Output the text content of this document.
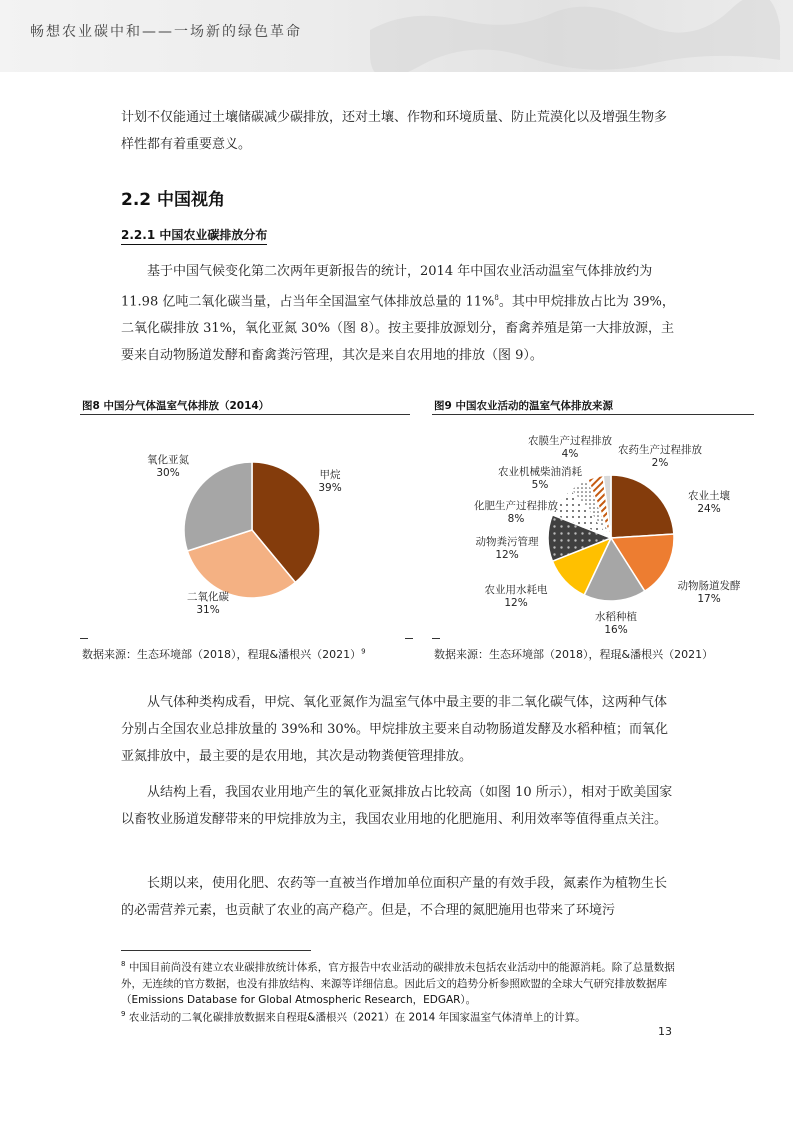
畅想农业碳中和——一场新的绿色革命
计划不仅能通过土壤储碳减少碳排放，还对土壤、作物和环境质量、防止荒漠化以及增强生物多样性都有着重要意义。
2.2 中国视角
2.2.1 中国农业碳排放分布
基于中国气候变化第二次两年更新报告的统计，2014 年中国农业活动温室气体排放约为 11.98 亿吨二氧化碳当量，占当年全国温室气体排放总量的 11%$^8$。其中甲烷排放占比为 39%，二氧化碳排放 31%，氧化亚氮 30%（图 8）。按主要排放源划分，畜禽养殖是第一大排放源，主要来自动物肠道发酵和畜禽粪污管理，其次是来自农用地的排放（图 9）。
图8 中国分气体温室气体排放（2014）
甲烷
39%
二氧化碳
31%
氧化亚氮
30%
数据来源：生态环境部（2018），程琨&潘根兴$(2021)^9$
图9 中国农业活动的温室气体排放来源
农业土壤
24%
动物肠道发酵
17%
水稻种植
16%
农业用水耗电
12%
动物粪污管理
12%
化肥生产过程排放
8%
农业机械柴油消耗
5%
农膜生产过程排放
4%	农药生产过程排放
2%
数据来源：生态环境部（2018），程琨&潘根兴（2021）
从气体种类构成看，甲烷、氧化亚氮作为温室气体中最主要的非二氧化碳气体，这两种气体分别占全国农业总排放量的 39%和 30%。甲烷排放主要来自动物肠道发酵及水稻种植；而氧化亚氮排放中，最主要的是农用地，其次是动物粪便管理排放。
从结构上看，我国农业用地产生的氧化亚氮排放占比较高（如图 10 所示），相对于欧美国家以畜牧业肠道发酵带来的甲烷排放为主，我国农业用地的化肥施用、利用效率等值得重点关注。
长期以来，使用化肥、农药等一直被当作增加单位面积产量的有效手段，氮素作为植物生长的必需营养元素，也贡献了农业的高产稳产。但是，不合理的氮肥施用也带来了环境污
$^8$ 中国目前尚没有建立农业碳排放统计体系，官方报告中农业活动的碳排放未包括农业活动中的能源消耗。除了总量数据外，无连续的官方数据，也没有排放结构、来源等详细信息。因此后文的趋势分析参照欧盟的全球大气研究排放数据库（Emissions Database for Global Atmospheric Research，EDGAR）。
$^9$ 农业活动的二氧化碳排放数据来自程琨&潘根兴（2021）在 2014 年国家温室气体清单上的计算。
13
